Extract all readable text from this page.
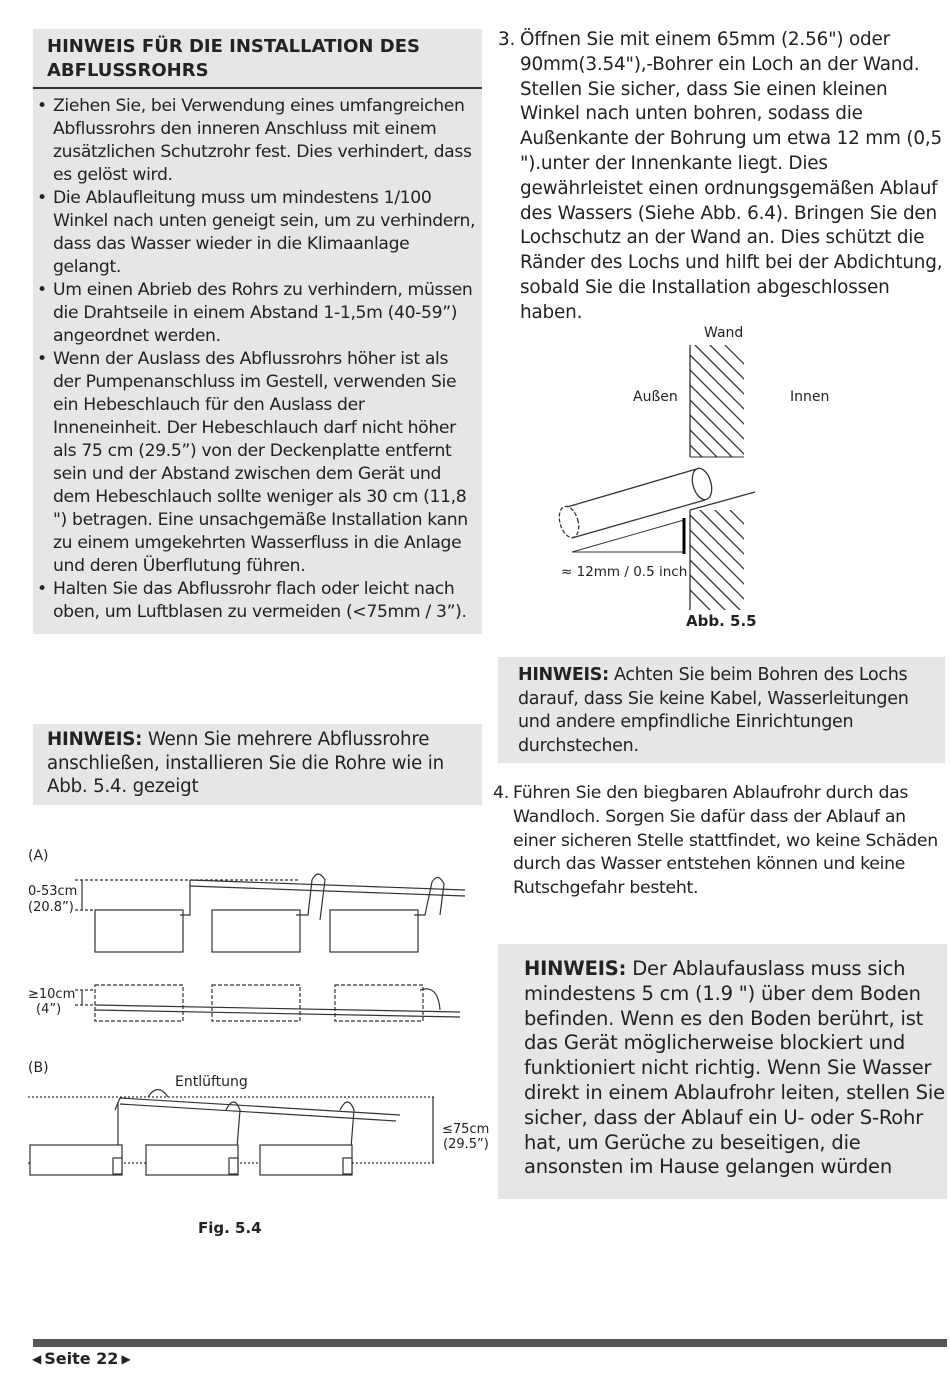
HINWEIS FÜR DIE INSTALLATION DES ABFLUSSROHRS
• Ziehen Sie, bei Verwendung eines umfangreichen Abflussrohrs den inneren Anschluss mit einem zusätzlichen Schutzrohr fest. Dies verhindert, dass es gelöst wird.
• Die Ablaufleitung muss um mindestens 1/100 Winkel nach unten geneigt sein, um zu verhindern, dass das Wasser wieder in die Klimaanlage gelangt.
• Um einen Abrieb des Rohrs zu verhindern, müssen die Drahtseile in einem Abstand 1-1,5m (40-59”) angeordnet werden.
• Wenn der Auslass des Abflussrohrs höher ist als der Pumpenanschluss im Gestell, verwenden Sie ein Hebeschlauch für den Auslass der Inneneinheit. Der Hebeschlauch darf nicht höher als 75 cm (29.5”) von der Deckenplatte entfernt sein und der Abstand zwischen dem Gerät und dem Hebeschlauch sollte weniger als 30 cm (11,8 ") betragen. Eine unsachgemäße Installation kann zu einem umgekehrten Wasserfluss in die Anlage und deren Überflutung führen.
• Halten Sie das Abflussrohr flach oder leicht nach oben, um Luftblasen zu vermeiden (<75mm / 3”).
3. Öffnen Sie mit einem 65mm (2.56") oder 90mm(3.54"),-Bohrer ein Loch an der Wand. Stellen Sie sicher, dass Sie einen kleinen Winkel nach unten bohren, sodass die Außenkante der Bohrung um etwa 12 mm (0,5 ").unter der Innenkante liegt. Dies gewährleistet einen ordnungsgemäßen Ablauf des Wassers (Siehe Abb. 6.4). Bringen Sie den Lochschutz an der Wand an. Dies schützt die Ränder des Lochs und hilft bei der Abdichtung, sobald Sie die Installation abgeschlossen haben.
Wand
Außen	Innen
≈ 12mm / 0.5 inch
Abb. 5.5

HINWEIS: Achten Sie beim Bohren des Lochs darauf, dass Sie keine Kabel, Wasserleitungen und andere empfindliche Einrichtungen durchstechen.

HINWEIS: Wenn Sie mehrere Abflussrohre anschließen, installieren Sie die Rohre wie in Abb. 5.4. gezeigt	4. Führen Sie den biegbaren Ablaufrohr durch das Wandloch. Sorgen Sie dafür dass der Ablauf an einer sicheren Stelle stattfindet, wo keine Schäden durch das Wasser entstehen können und keine Rutschgefahr besteht.

HINWEIS: Der Ablaufauslass muss sich mindestens 5 cm (1.9 ") über dem Boden befinden. Wenn es den Boden berührt, ist das Gerät möglicherweise blockiert und funktioniert nicht richtig. Wenn Sie Wasser direkt in einem Ablaufrohr leiten, stellen Sie sicher, dass der Ablauf ein U- oder S-Rohr hat, um Gerüche zu beseitigen, die ansonsten im Hause gelangen würden

(A)
0-53cm
(20.8”)
≥10cm
(4”)
(B)
Entlüftung
≤75cm
(29.5”)
Fig. 5.4
◀ Seite 22 ▶
